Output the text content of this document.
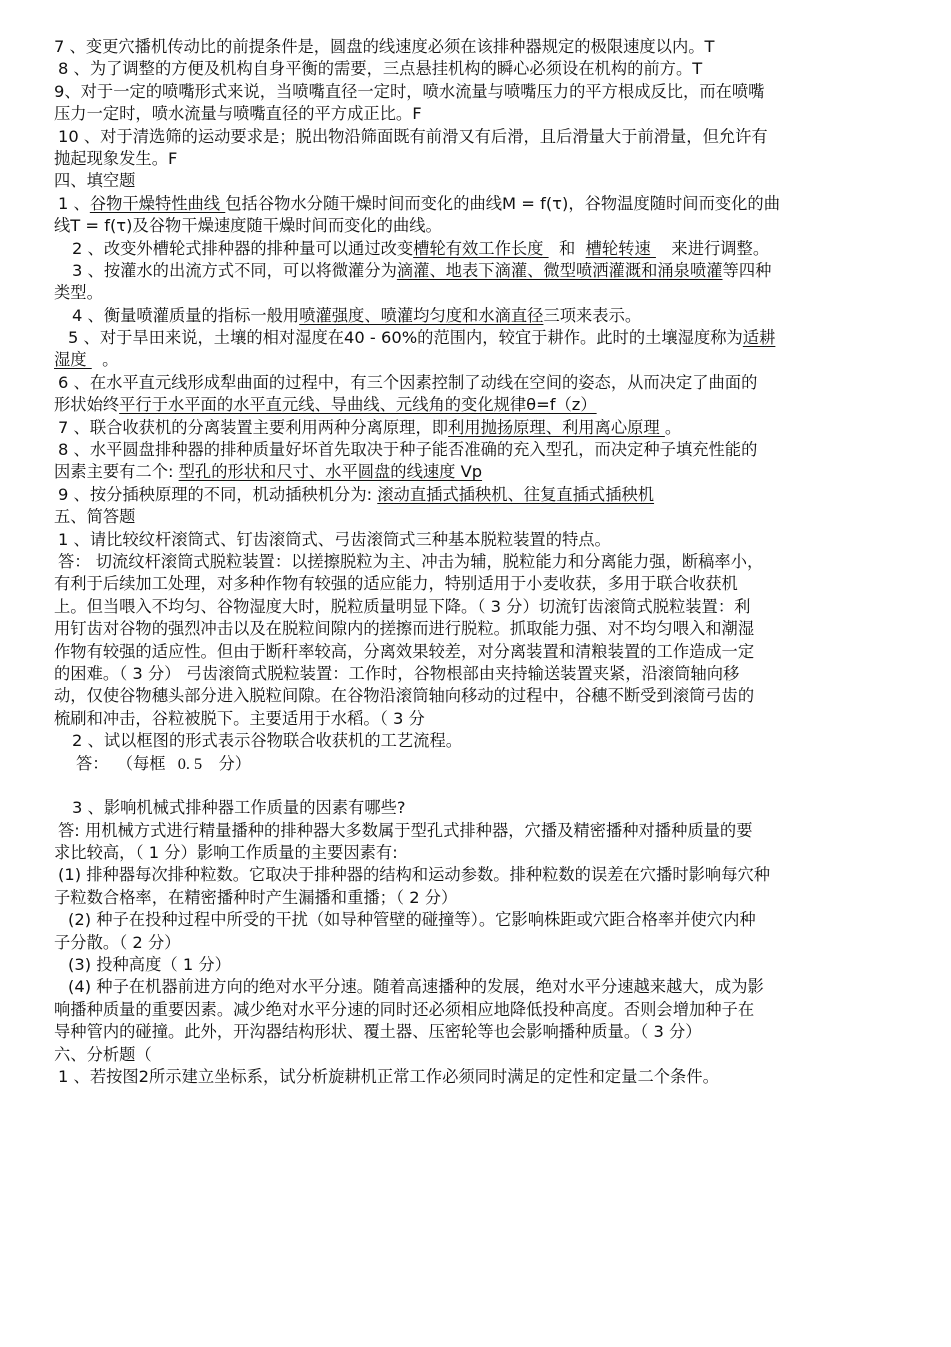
7 、变更穴播机传动比的前提条件是，圆盘的线速度必须在该排种器规定的极限速度以内。T
8 、为了调整的方便及机构自身平衡的需要，三点悬挂机构的瞬心必须设在机构的前方。T
9、对于一定的喷嘴形式来说，当喷嘴直径一定时，喷水流量与喷嘴压力的平方根成反比，而在喷嘴
压力一定时，喷水流量与喷嘴直径的平方成正比。F
10 、对于清选筛的运动要求是；脱出物沿筛面既有前滑又有后滑，且后滑量大于前滑量，但允许有
抛起现象发生。F
四、填空题
1 、谷物干燥特性曲线 包括谷物水分随干燥时间而变化的曲线M = f(τ)，谷物温度随时间而变化的曲
线T = f(τ)及谷物干燥速度随干燥时间而变化的曲线。
2 、改变外槽轮式排种器的排种量可以通过改变槽轮有效工作长度   和  槽轮转速    来进行调整。
3 、按灌水的出流方式不同，可以将微灌分为滴灌、地表下滴灌、微型喷洒灌溉和涌泉喷灌等四种
类型。
4 、衡量喷灌质量的指标一般用喷灌强度、喷灌均匀度和水滴直径三项来表示。
5 、对于旱田来说，土壤的相对湿度在40 - 60%的范围内，较宜于耕作。此时的土壤湿度称为适耕
湿度   。
6 、在水平直元线形成犁曲面的过程中，有三个因素控制了动线在空间的姿态，从而决定了曲面的
形状始终平行于水平面的水平直元线、导曲线、元线角的变化规律θ=f（z）
7 、联合收获机的分离装置主要利用两种分离原理，即利用抛扬原理、利用离心原理 。
8 、水平圆盘排种器的排种质量好坏首先取决于种子能否准确的充入型孔，而决定种子填充性能的
因素主要有二个: 型孔的形状和尺寸、水平圆盘的线速度 Vp
9 、按分插秧原理的不同，机动插秧机分为: 滚动直插式插秧机、往复直插式插秧机
五、简答题
1 、请比较纹杆滚筒式、钉齿滚筒式、弓齿滚筒式三种基本脱粒装置的特点。
答： 切流纹杆滚筒式脱粒装置：以搓擦脱粒为主、冲击为辅，脱粒能力和分离能力强，断稿率小，
有利于后续加工处理，对多种作物有较强的适应能力，特别适用于小麦收获，多用于联合收获机
上。但当喂入不均匀、谷物湿度大时，脱粒质量明显下降。（ 3 分）切流钉齿滚筒式脱粒装置：利
用钉齿对谷物的强烈冲击以及在脱粒间隙内的搓擦而进行脱粒。抓取能力强、对不均匀喂入和潮湿
作物有较强的适应性。但由于断秆率较高，分离效果较差，对分离装置和清粮装置的工作造成一定
的困难。（ 3 分） 弓齿滚筒式脱粒装置：工作时，谷物根部由夹持输送装置夹紧，沿滚筒轴向移
动，仅使谷物穗头部分进入脱粒间隙。在谷物沿滚筒轴向移动的过程中，谷穗不断受到滚筒弓齿的
梳刷和冲击，谷粒被脱下。主要适用于水稻。（ 3 分
2 、试以框图的形式表示谷物联合收获机的工艺流程。
答：  （每框   0. 5    分）
3 、影响机械式排种器工作质量的因素有哪些?
答: 用机械方式进行精量播种的排种器大多数属于型孔式排种器，穴播及精密播种对播种质量的要
求比较高，（ 1 分）影响工作质量的主要因素有:
(1) 排种器每次排种粒数。它取决于排种器的结构和运动参数。排种粒数的误差在穴播时影响每穴种
子粒数合格率，在精密播种时产生漏播和重播；（ 2 分）
(2) 种子在投种过程中所受的干扰（如导种管壁的碰撞等）。它影响株距或穴距合格率并使穴内种
子分散。（ 2 分）
(3) 投种高度（ 1 分）
(4) 种子在机器前进方向的绝对水平分速。随着高速播种的发展，绝对水平分速越来越大，成为影
响播种质量的重要因素。减少绝对水平分速的同时还必须相应地降低投种高度。否则会增加种子在
导种管内的碰撞。此外，开沟器结构形状、覆土器、压密轮等也会影响播种质量。（ 3 分）
六、分析题（
1 、若按图2所示建立坐标系，试分析旋耕机正常工作必须同时满足的定性和定量二个条件。
